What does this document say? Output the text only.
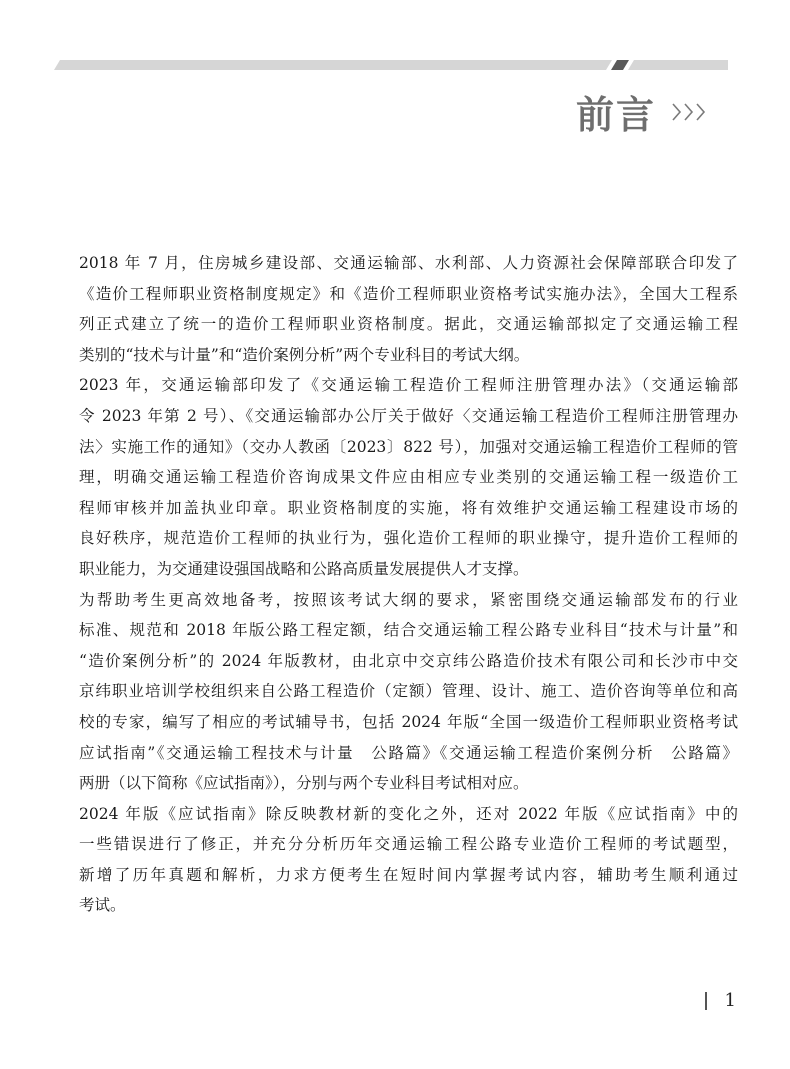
前言

2018 年 7 月，住房城乡建设部、交通运输部、水利部、人力资源社会保障部联合印发了
《造价工程师职业资格制度规定》和《造价工程师职业资格考试实施办法》，全国大工程系
列正式建立了统一的造价工程师职业资格制度。据此，交通运输部拟定了交通运输工程
类别的“技术与计量”和“造价案例分析”两个专业科目的考试大纲。

2023 年，交通运输部印发了《交通运输工程造价工程师注册管理办法》（交通运输部
令 2023 年第 2 号）、《交通运输部办公厅关于做好〈交通运输工程造价工程师注册管理办
法〉实施工作的通知》（交办人教函〔2023〕822 号），加强对交通运输工程造价工程师的管
理，明确交通运输工程造价咨询成果文件应由相应专业类别的交通运输工程一级造价工
程师审核并加盖执业印章。职业资格制度的实施，将有效维护交通运输工程建设市场的
良好秩序，规范造价工程师的执业行为，强化造价工程师的职业操守，提升造价工程师的
职业能力，为交通建设强国战略和公路高质量发展提供人才支撑。

为帮助考生更高效地备考，按照该考试大纲的要求，紧密围绕交通运输部发布的行业
标准、规范和 2018 年版公路工程定额，结合交通运输工程公路专业科目“技术与计量”和
“造价案例分析”的 2024 年版教材，由北京中交京纬公路造价技术有限公司和长沙市中交
京纬职业培训学校组织来自公路工程造价（定额）管理、设计、施工、造价咨询等单位和高
校的专家，编写了相应的考试辅导书，包括 2024 年版“全国一级造价工程师职业资格考试
应试指南”《交通运输工程技术与计量　公路篇》《交通运输工程造价案例分析　公路篇》
两册（以下简称《应试指南》），分别与两个专业科目考试相对应。

2024 年版《应试指南》除反映教材新的变化之外，还对 2022 年版《应试指南》中的
一些错误进行了修正，并充分分析历年交通运输工程公路专业造价工程师的考试题型，
新增了历年真题和解析，力求方便考生在短时间内掌握考试内容，辅助考生顺利通过
考试。

1
